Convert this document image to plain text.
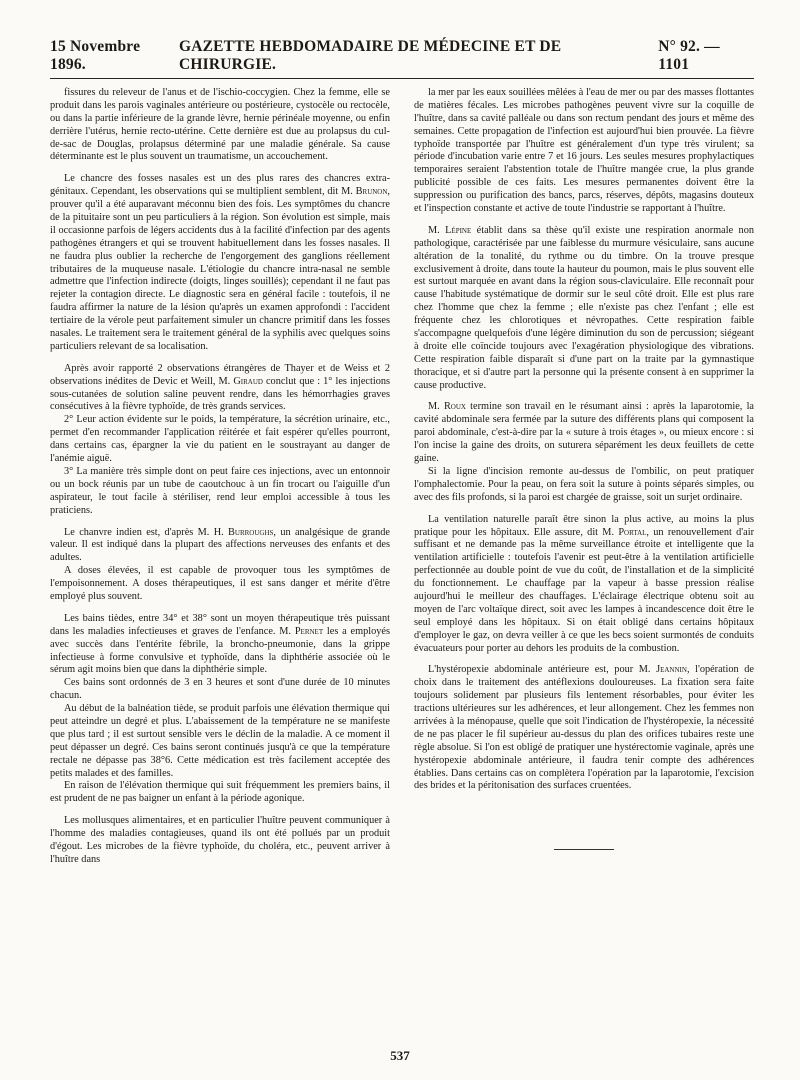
15 Novembre 1896.
GAZETTE HEBDOMADAIRE DE MÉDECINE ET DE CHIRURGIE.
N° 92. — 1101

fissures du releveur de l'anus et de l'ischio-coccygien. Chez la femme, elle se produit dans les parois vaginales antérieure ou postérieure, cystocèle ou rectocèle, ou dans la partie inférieure de la grande lèvre, hernie périnéale moyenne, ou enfin derrière l'utérus, hernie recto-utérine. Cette dernière est due au prolapsus du cul-de-sac de Douglas, prolapsus déterminé par une maladie générale. Sa cause déterminante est le plus souvent un traumatisme, un accouchement.

Le chancre des fosses nasales est un des plus rares des chancres extra-génitaux. Cependant, les observations qui se multiplient semblent, dit M. Brunon, prouver qu'il a été auparavant méconnu bien des fois. Les symptômes du chancre de la pituitaire sont un peu particuliers à la région. Son évolution est simple, mais il occasionne parfois de légers accidents dus à la facilité d'infection par des agents pathogènes étrangers et qui se trouvent habituellement dans les fosses nasales. Il ne faudra plus oublier la recherche de l'engorgement des ganglions réellement tributaires de la muqueuse nasale. L'étiologie du chancre intra-nasal ne semble admettre que l'infection indirecte (doigts, linges souillés); cependant il ne faut pas rejeter la contagion directe. Le diagnostic sera en général facile : toutefois, il ne faudra affirmer la nature de la lésion qu'après un examen approfondi : l'accident tertiaire de la vérole peut parfaitement simuler un chancre primitif dans les fosses nasales. Le traitement sera le traitement général de la syphilis avec quelques soins particuliers relevant de sa localisation.

Après avoir rapporté 2 observations étrangères de Thayer et de Weiss et 2 observations inédites de Devic et Weill, M. Giraud conclut que : 1° les injections sous-cutanées de solution saline peuvent rendre, dans les hémorrhagies graves consécutives à la fièvre typhoïde, de très grands services.

2° Leur action évidente sur le poids, la température, la sécrétion urinaire, etc., permet d'en recommander l'application réitérée et fait espérer qu'elles pourront, dans certains cas, épargner la vie du patient en le soustrayant au danger de l'anémie aiguë.

3° La manière très simple dont on peut faire ces injections, avec un entonnoir ou un bock réunis par un tube de caoutchouc à un fin trocart ou l'aiguille d'un aspirateur, le tout facile à stériliser, rend leur emploi accessible à tous les praticiens.

Le chanvre indien est, d'après M. H. Burroughs, un analgésique de grande valeur. Il est indiqué dans la plupart des affections nerveuses des enfants et des adultes.

A doses élevées, il est capable de provoquer tous les symptômes de l'empoisonnement. A doses thérapeutiques, il est sans danger et mérite d'être employé plus souvent.

Les bains tièdes, entre 34° et 38° sont un moyen thérapeutique très puissant dans les maladies infectieuses et graves de l'enfance. M. Pernet les a employés avec succès dans l'entérite fébrile, la broncho-pneumonie, dans la grippe infectieuse à forme convulsive et typhoïde, dans la diphthérie associée où le sérum agit moins bien que dans la diphthérie simple.

Ces bains sont ordonnés de 3 en 3 heures et sont d'une durée de 10 minutes chacun.

Au début de la balnéation tiède, se produit parfois une élévation thermique qui peut atteindre un degré et plus. L'abaissement de la température ne se manifeste que plus tard ; il est surtout sensible vers le déclin de la maladie. A ce moment il peut dépasser un degré. Ces bains seront continués jusqu'à ce que la température rectale ne dépasse pas 38°6. Cette médication est très facilement acceptée des petits malades et des familles.

En raison de l'élévation thermique qui suit fréquemment les premiers bains, il est prudent de ne pas baigner un enfant à la période agonique.

Les mollusques alimentaires, et en particulier l'huître peuvent communiquer à l'homme des maladies contagieuses, quand ils ont été pollués par un produit d'égout. Les microbes de la fièvre typhoïde, du choléra, etc., peuvent arriver à l'huître dans

la mer par les eaux souillées mêlées à l'eau de mer ou par des masses flottantes de matières fécales. Les microbes pathogènes peuvent vivre sur la coquille de l'huître, dans sa cavité palléale ou dans son rectum pendant des jours et même des semaines. Cette propagation de l'infection est aujourd'hui bien prouvée. La fièvre typhoïde transportée par l'huître est généralement d'un type très virulent; sa période d'incubation varie entre 7 et 16 jours. Les seules mesures prophylactiques temporaires seraient l'abstention totale de l'huître mangée crue, la plus grande publicité possible de ces faits. Les mesures permanentes doivent être la suppression ou purification des bancs, parcs, réserves, dépôts, magasins douteux et l'inspection constante et active de toute l'industrie se rapportant à l'huître.

M. Lépine établit dans sa thèse qu'il existe une respiration anormale non pathologique, caractérisée par une faiblesse du murmure vésiculaire, sans aucune altération de la tonalité, du rythme ou du timbre. On la trouve presque exclusivement à droite, dans toute la hauteur du poumon, mais le plus souvent elle est surtout marquée en avant dans la région sous-claviculaire. Elle reconnaît pour cause l'habitude systématique de dormir sur le seul côté droit. Elle est plus rare chez l'homme que chez la femme ; elle n'existe pas chez l'enfant ; elle est fréquente chez les chlorotiques et névropathes. Cette respiration faible s'accompagne quelquefois d'une légère diminution du son de percussion; siégeant à droite elle coïncide toujours avec l'exagération physiologique des vibrations. Cette respiration faible disparaît si d'une part on la traite par la gymnastique thoracique, et si d'autre part la personne qui la présente consent à en supprimer la cause productive.

M. Roux termine son travail en le résumant ainsi : après la laparotomie, la cavité abdominale sera fermée par la suture des différents plans qui composent la paroi abdominale, c'est-à-dire par la « suture à trois étages », ou mieux encore : si l'on incise la gaine des droits, on suturera séparément les deux feuillets de cette gaine.

Si la ligne d'incision remonte au-dessus de l'ombilic, on peut pratiquer l'omphalectomie. Pour la peau, on fera soit la suture à points séparés simples, ou avec des fils profonds, si la paroi est chargée de graisse, soit un surjet ordinaire.

La ventilation naturelle paraît être sinon la plus active, au moins la plus pratique pour les hôpitaux. Elle assure, dit M. Portal, un renouvellement d'air suffisant et ne demande pas la même surveillance étroite et intelligente que la ventilation artificielle : toutefois l'avenir est peut-être à la ventilation artificielle perfectionnée au double point de vue du coût, de l'installation et de la simplicité du fonctionnement. Le chauffage par la vapeur à basse pression réalise aujourd'hui le meilleur des chauffages. L'éclairage électrique obtenu soit au moyen de l'arc voltaïque direct, soit avec les lampes à incandescence doit être le seul employé dans les hôpitaux. Si on était obligé dans certains hôpitaux d'employer le gaz, on devra veiller à ce que les becs soient surmontés de conduits évacuateurs pour porter au dehors les produits de la combustion.

L'hystéropexie abdominale antérieure est, pour M. Jeannin, l'opération de choix dans le traitement des antéflexions douloureuses. La fixation sera faite toujours solidement par plusieurs fils lentement résorbables, pour éviter les tractions ultérieures sur les adhérences, et leur allongement. Chez les femmes non arrivées à la ménopause, quelle que soit l'indication de l'hystéropexie, la nécessité de ne pas placer le fil supérieur au-dessus du plan des orifices tubaires reste une règle absolue. Si l'on est obligé de pratiquer une hystérectomie vaginale, après une hystéropexie abdominale antérieure, il faudra tenir compte des adhérences établies. Dans certains cas on complètera l'opération par la laparotomie, l'excision des brides et la péritonisation des surfaces cruentées.

537
